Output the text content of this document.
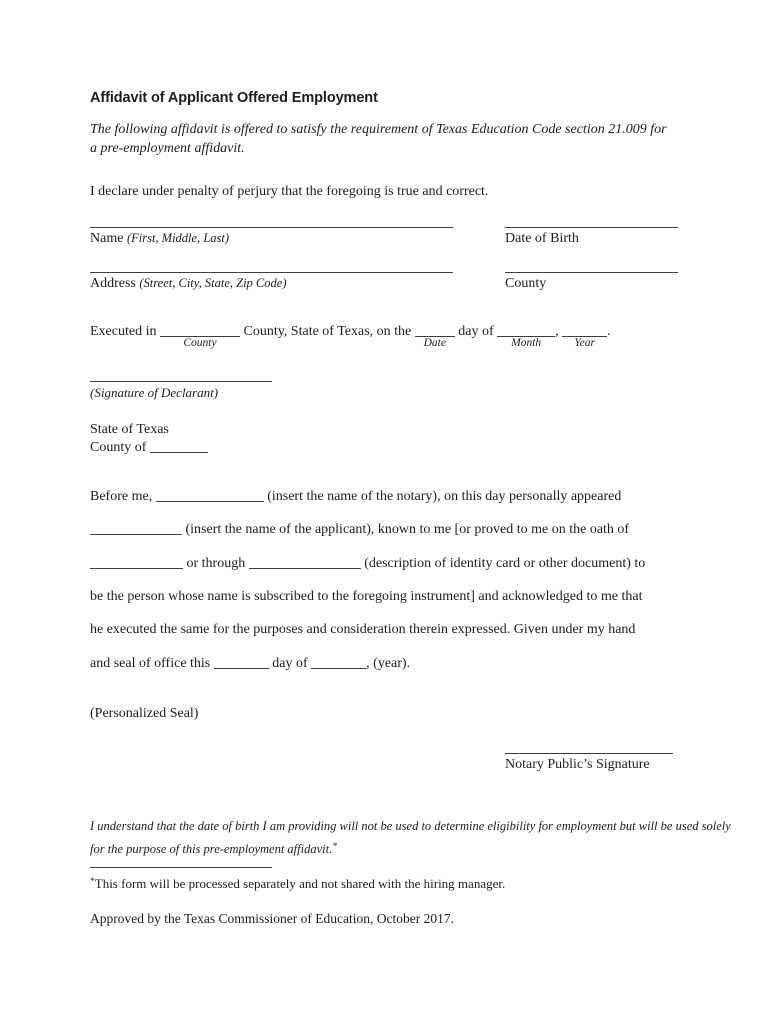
Affidavit of Applicant Offered Employment
The following affidavit is offered to satisfy the requirement of Texas Education Code section 21.009 for
a pre-employment affidavit.
I declare under penalty of perjury that the foregoing is true and correct.
Name (First, Middle, Last)	Date of Birth
Address (Street, City, State, Zip Code)	County
Executed in
County
County, State of Texas, on the
Date
day of
Month
,
Year
.
(Signature of Declarant)
State of Texas
County of
Before me,	(insert the name of the notary), on this day personally appeared
(insert the name of the applicant), known to me [or proved to me on the oath of
or through	(description of identity card or other document) to
be the person whose name is subscribed to the foregoing instrument] and acknowledged to me that
he executed the same for the purposes and consideration therein expressed. Given under my hand
and seal of office this	day of	, (year).
(Personalized Seal)
Notary Public’s Signature
I understand that the date of birth I am providing will not be used to determine eligibility for employment but will be used solely
for the purpose of this pre-employment affidavit.*
*This form will be processed separately and not shared with the hiring manager.
Approved by the Texas Commissioner of Education, October 2017.
